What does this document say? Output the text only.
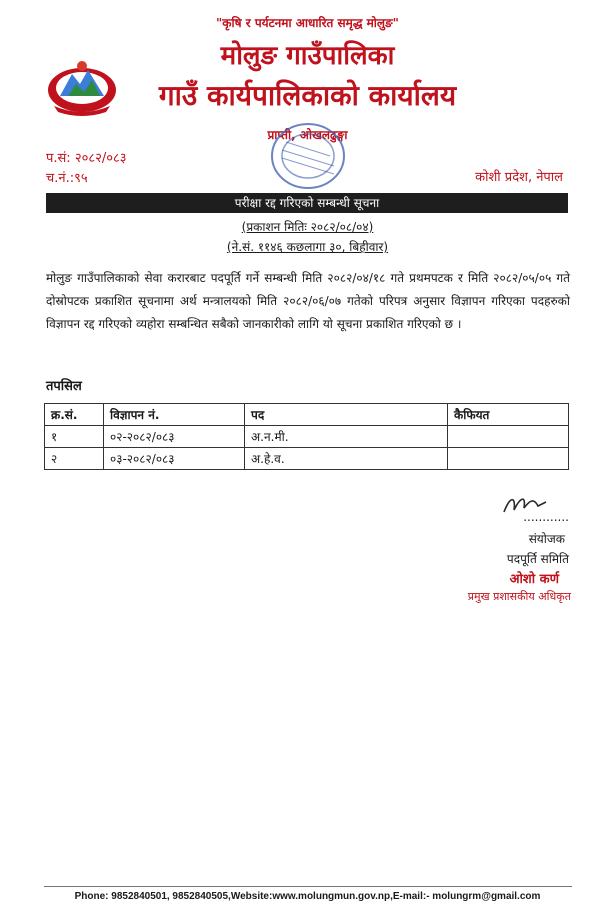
"कृषि र पर्यटनमा आधारित समृद्ध मोलुङ"
मोलुङ गाउँपालिका
गाउँ कार्यपालिकाको कार्यालय
प्राप्ती, ओखलढुङ्गा
प.सं: २०८२/०८३
च.नं.:९५	कोशी प्रदेश, नेपाल
परीक्षा रद्द गरिएको सम्बन्धी सूचना
(प्रकाशन मितिः २०८२/०८/०४)
(ने.सं. ११४६ कछलागा ३०, बिहीवार)
मोलुङ गाउँपालिकाको सेवा करारबाट पदपूर्ति गर्ने सम्बन्धी मिति २०८२/०४/१८ गते प्रथमपटक र मिति २०८२/०५/०५ गते दोस्रोपटक प्रकाशित सूचनामा अर्थ मन्त्रालयको मिति २०८२/०६/०७ गतेको परिपत्र अनुसार विज्ञापन गरिएका पदहरुको विज्ञापन रद्द गरिएको व्यहोरा सम्बन्धित सबैको जानकारीको लागि यो सूचना प्रकाशित गरिएको छ ।
तपसिल
क्र.सं.	विज्ञापन नं.	पद	कैफियत
१	०२-२०८२/०८३	अ.न.मी.	
२	०३-२०८२/०८३	अ.हे.व.	
............
संयोजक
पदपूर्ति समिति
ओशो कर्ण
प्रमुख प्रशासकीय अधिकृत
Phone: 9852840501, 9852840505,Website:www.molungmun.gov.np,E-mail:- molungrm@gmail.com
